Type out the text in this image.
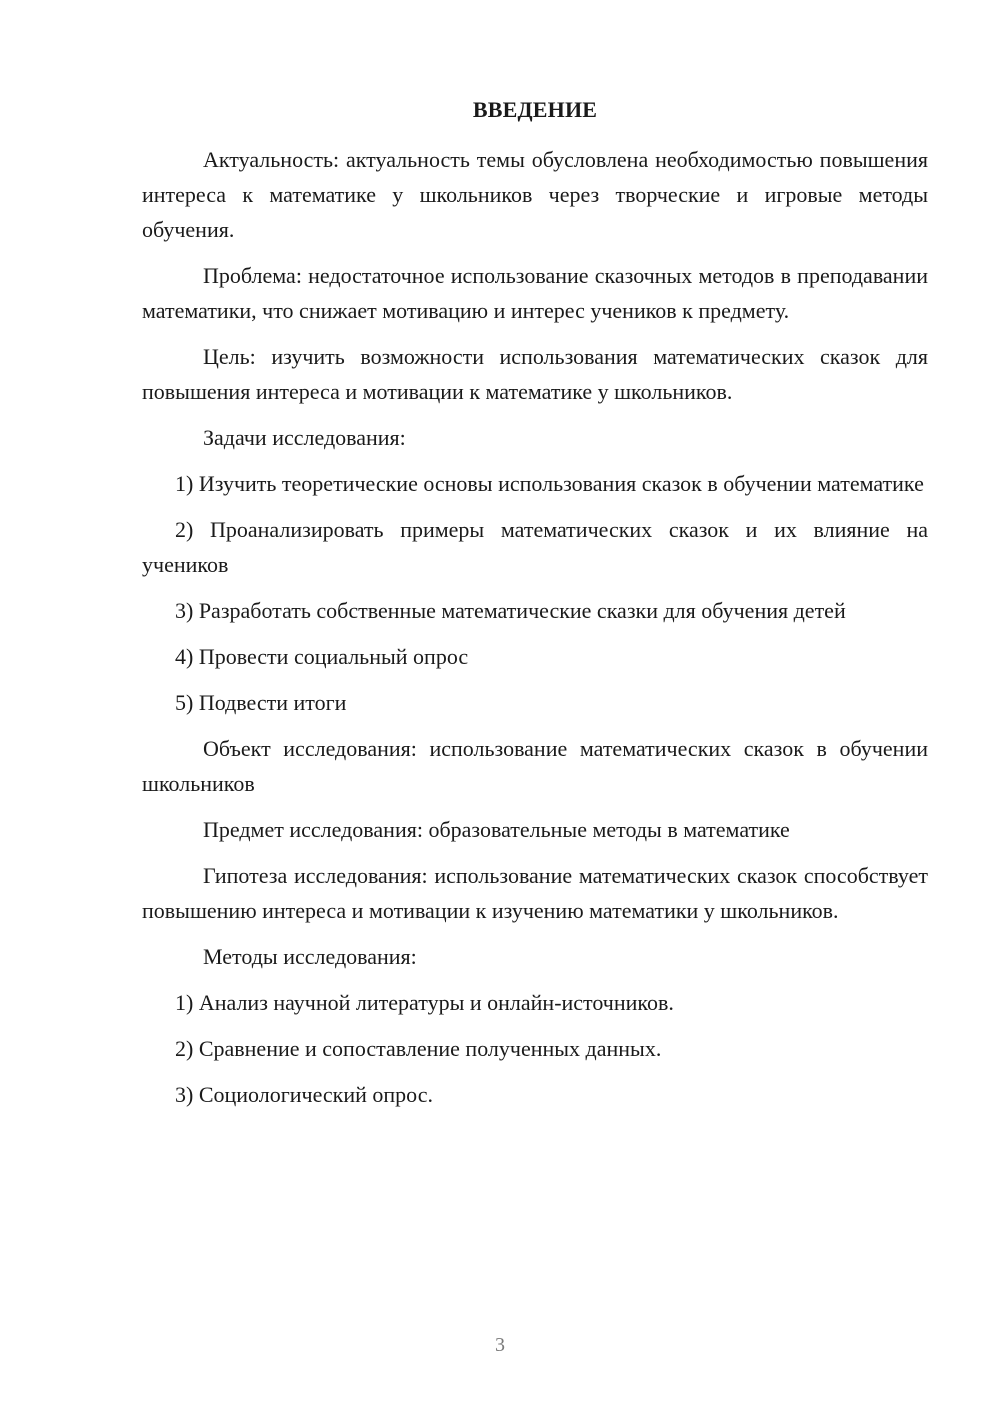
ВВЕДЕНИЕ

Актуальность: актуальность темы обусловлена необходимостью повышения интереса к математике у школьников через творческие и игровые методы обучения.

Проблема: недостаточное использование сказочных методов в преподавании математики, что снижает мотивацию и интерес учеников к предмету.

Цель: изучить возможности использования математических сказок для повышения интереса и мотивации к математике у школьников.

Задачи исследования:

1) Изучить теоретические основы использования сказок в обучении математике

2) Проанализировать примеры математических сказок и их влияние на учеников

3) Разработать собственные математические сказки для обучения детей

4) Провести социальный опрос

5) Подвести итоги

Объект исследования: использование математических сказок в обучении школьников

Предмет исследования: образовательные методы в математике

Гипотеза исследования: использование математических сказок способствует повышению интереса и мотивации к изучению математики у школьников.

Методы исследования:

1) Анализ научной литературы и онлайн-источников.

2) Сравнение и сопоставление полученных данных.

3) Социологический опрос.

3
